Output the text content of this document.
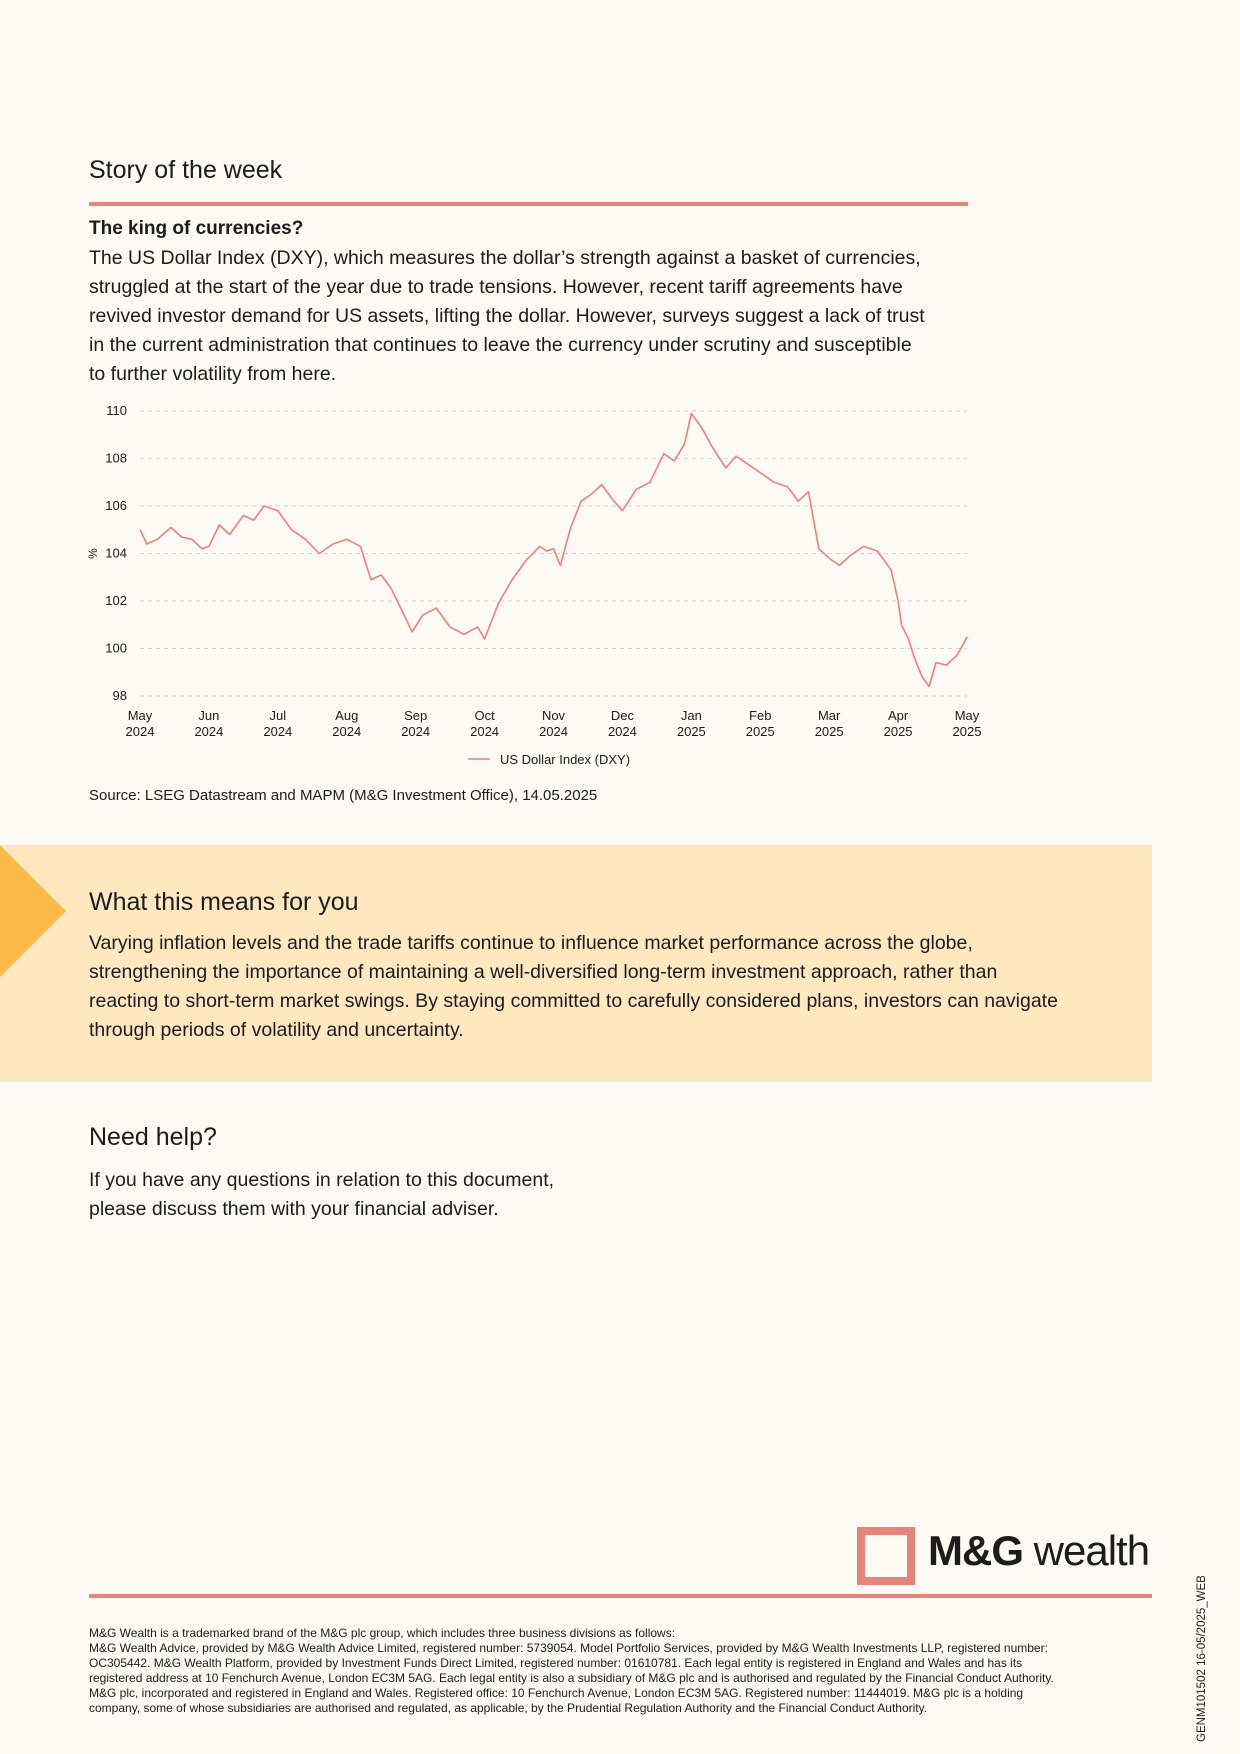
Story of the week
The king of currencies?
The US Dollar Index (DXY), which measures the dollar’s strength against a basket of currencies,
struggled at the start of the year due to trade tensions. However, recent tariff agreements have
revived investor demand for US assets, lifting the dollar. However, surveys suggest a lack of trust
in the current administration that continues to leave the currency under scrutiny and susceptible
to further volatility from here.
98
100
102
104
106
108
110
%
May
2024
Jun
2024
Jul
2024
Aug
2024
Sep
2024
Oct
2024
Nov
2024
Dec
2024
Jan
2025
Feb
2025
Mar
2025
Apr
2025
May
2025
US Dollar Index (DXY)
Source: LSEG Datastream and MAPM (M&G Investment Office), 14.05.2025
What this means for you
Varying inflation levels and the trade tariffs continue to influence market performance across the globe,
strengthening the importance of maintaining a well-diversified long-term investment approach, rather than
reacting to short-term market swings. By staying committed to carefully considered plans, investors can navigate
through periods of volatility and uncertainty.
Need help?
If you have any questions in relation to this document,
please discuss them with your financial adviser.
M&G wealth
GENM101502 16-05/2025_WEB
M&G Wealth is a trademarked brand of the M&G plc group, which includes three business divisions as follows:
M&G Wealth Advice, provided by M&G Wealth Advice Limited, registered number: 5739054. Model Portfolio Services, provided by M&G Wealth Investments LLP, registered number:
OC305442. M&G Wealth Platform, provided by Investment Funds Direct Limited, registered number: 01610781. Each legal entity is registered in England and Wales and has its
registered address at 10 Fenchurch Avenue, London EC3M 5AG. Each legal entity is also a subsidiary of M&G plc and is authorised and regulated by the Financial Conduct Authority.
M&G plc, incorporated and registered in England and Wales. Registered office: 10 Fenchurch Avenue, London EC3M 5AG. Registered number: 11444019. M&G plc is a holding
company, some of whose subsidiaries are authorised and regulated, as applicable, by the Prudential Regulation Authority and the Financial Conduct Authority.
